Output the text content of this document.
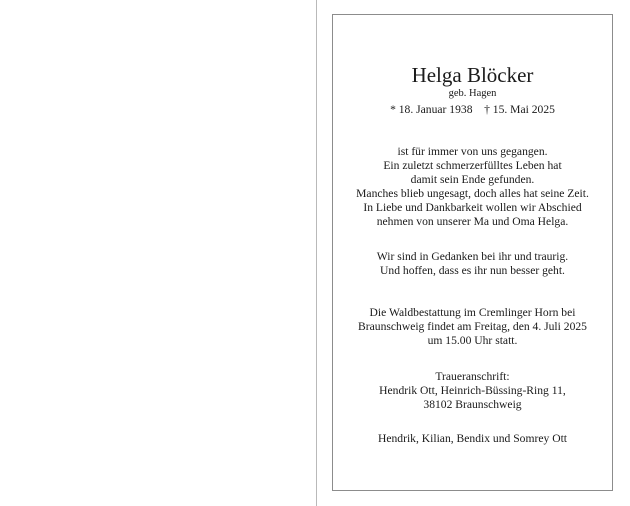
Helga Blöcker
geb. Hagen
* 18. Januar 1938    † 15. Mai 2025
ist für immer von uns gegangen.
Ein zuletzt schmerzerfülltes Leben hat
damit sein Ende gefunden.
Manches blieb ungesagt, doch alles hat seine Zeit.
In Liebe und Dankbarkeit wollen wir Abschied
nehmen von unserer Ma und Oma Helga.
Wir sind in Gedanken bei ihr und traurig.
Und hoffen, dass es ihr nun besser geht.
Die Waldbestattung im Cremlinger Horn bei
Braunschweig findet am Freitag, den 4. Juli 2025
um 15.00 Uhr statt.
Traueranschrift:
Hendrik Ott, Heinrich-Büssing-Ring 11,
38102 Braunschweig
Hendrik, Kilian, Bendix und Somrey Ott
